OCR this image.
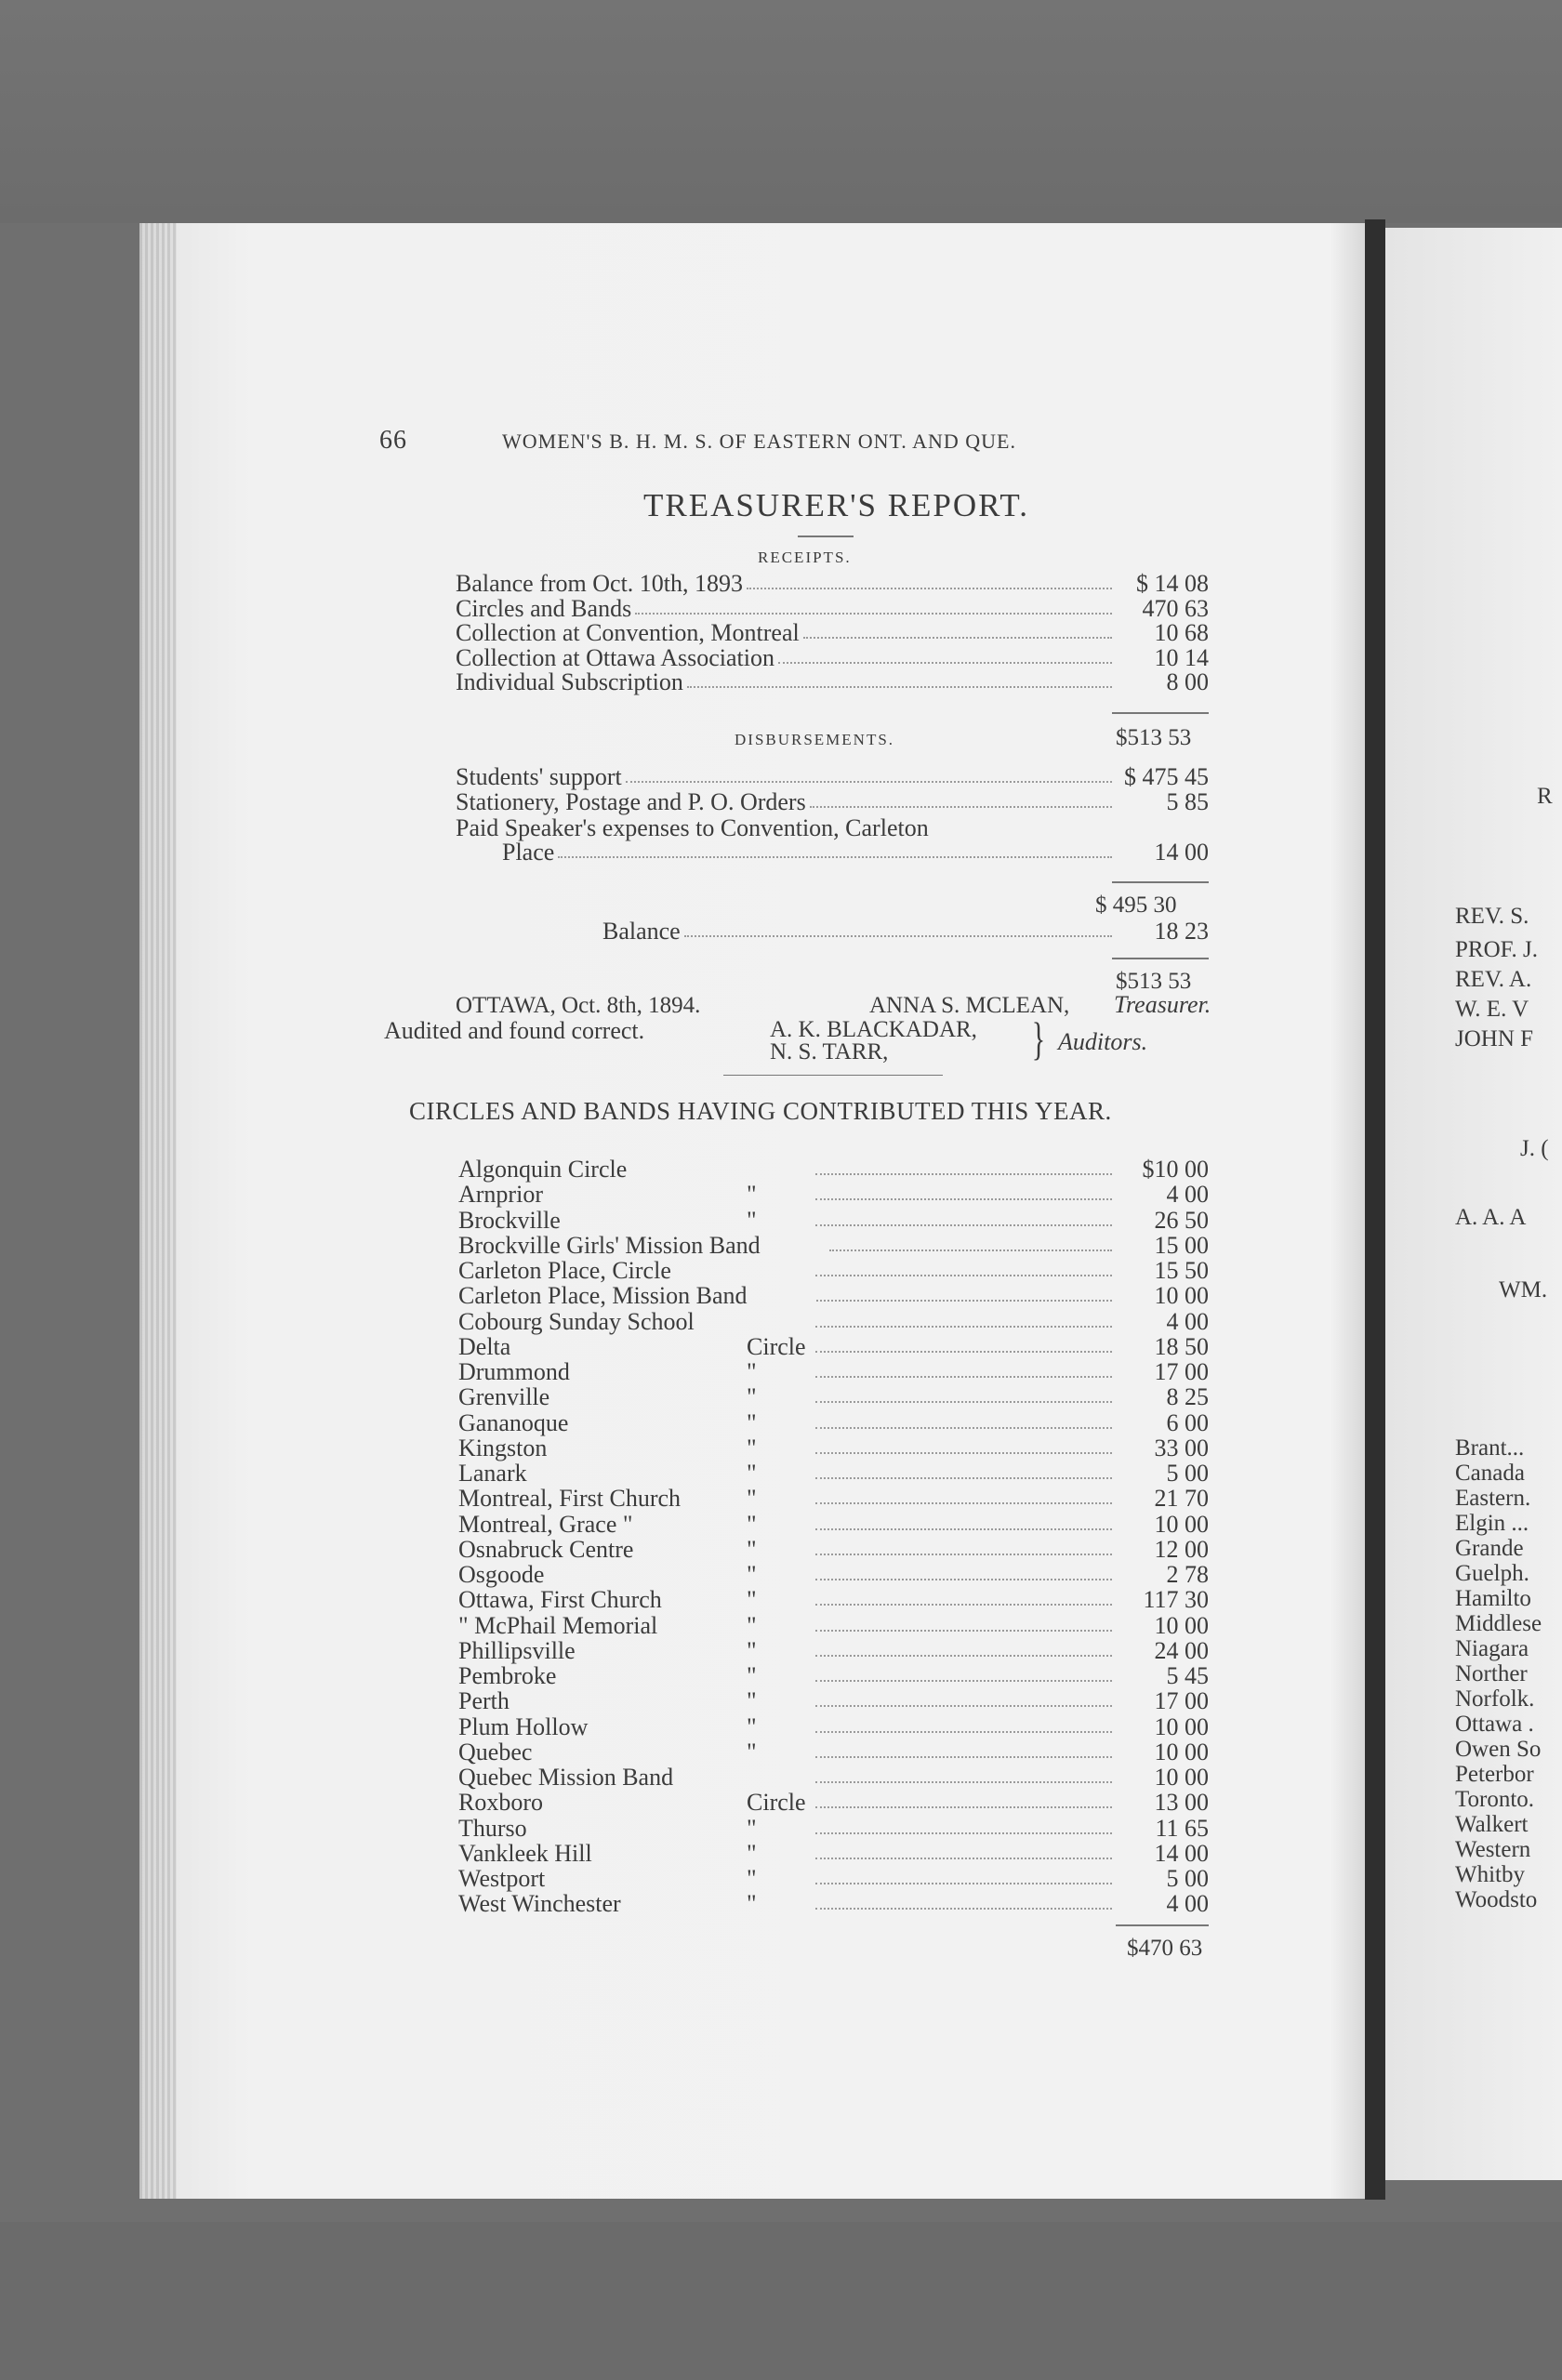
66	WOMEN'S B. H. M. S. OF EASTERN ONT. AND QUE.
TREASURER'S REPORT.
RECEIPTS.
Balance from Oct. 10th, 1893	$ 14 08
Circles and Bands	470 63
Collection at Convention, Montreal	10 68
Collection at Ottawa Association	10 14
Individual Subscription	8 00
DISBURSEMENTS.	$513 53
Students' support	$ 475 45
Stationery, Postage and P. O. Orders	5 85
Paid Speaker's expenses to Convention, Carleton
Place	14 00
$ 495 30
Balance	18 23
$513 53
OTTAWA, Oct. 8th, 1894.	ANNA S. MCLEAN, Treasurer.
Audited and found correct.	A. K. BLACKADAR,
N. S. TARR,	} Auditors.
CIRCLES AND BANDS HAVING CONTRIBUTED THIS YEAR.
Algonquin Circle	$10 00
Arnprior	"	4 00
Brockville	"	26 50
Brockville Girls' Mission Band	15 00
Carleton Place, Circle	15 50
Carleton Place, Mission Band	10 00
Cobourg Sunday School	4 00
Delta	Circle	18 50
Drummond	"	17 00
Grenville	"	8 25
Gananoque	"	6 00
Kingston	"	33 00
Lanark	"	5 00
Montreal, First Church	"	21 70
Montreal, Grace "	"	10 00
Osnabruck Centre	"	12 00
Osgoode	"	2 78
Ottawa, First Church	"	117 30
" McPhail Memorial	"	10 00
Phillipsville	"	24 00
Pembroke	"	5 45
Perth	"	17 00
Plum Hollow	"	10 00
Quebec	"	10 00
Quebec Mission Band	10 00
Roxboro	Circle	13 00
Thurso	"	11 65
Vankleek Hill	"	14 00
Westport	"	5 00
West Winchester	"	4 00
$470 63
R
REV. S.
PROF. J.
REV. A.
W. E. V
JOHN F
J. (
A. A. A
WM.
Brant...
Canada
Eastern.
Elgin ...
Grande
Guelph.
Hamilto
Middlese
Niagara
Norther
Norfolk.
Ottawa .
Owen So
Peterbor
Toronto.
Walkert
Western
Whitby
Woodsto
